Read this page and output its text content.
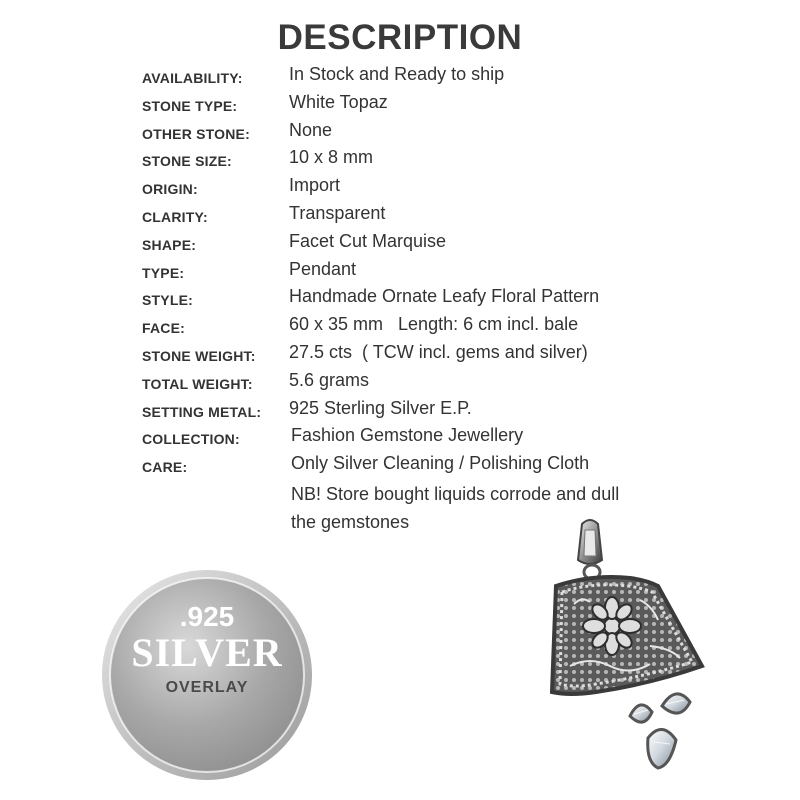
DESCRIPTION
AVAILABILITY:	In Stock and Ready to ship
STONE TYPE:	White Topaz
OTHER STONE: None
STONE SIZE:	10 x 8 mm
ORIGIN:	Import
CLARITY:	Transparent
SHAPE:	Facet Cut Marquise
TYPE:	Pendant
STYLE:	Handmade Ornate Leafy Floral Pattern
FACE:	60 x 35 mm   Length: 6 cm incl. bale
STONE WEIGHT: 27.5 cts  ( TCW incl. gems and silver)
TOTAL WEIGHT: 5.6 grams
SETTING METAL: 925 Sterling Silver E.P.
COLLECTION:	Fashion Gemstone Jewellery
CARE:	Only Silver Cleaning / Polishing Cloth
NB! Store bought liquids corrode and dull
the gemstones
.925
SILVER
OVERLAY
